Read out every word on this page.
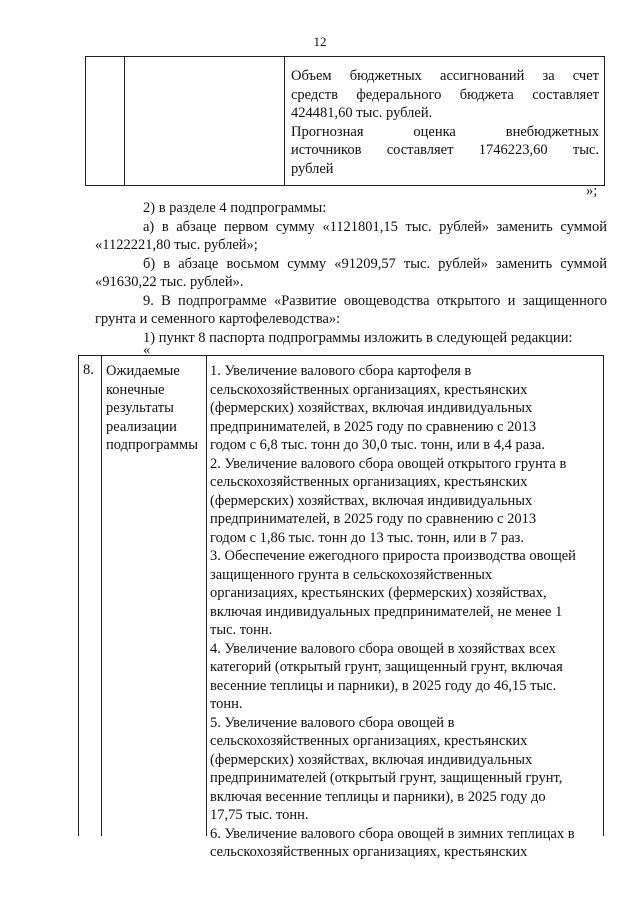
12
Объем бюджетных ассигнований за счет
средств федерального бюджета составляет
424481,60 тыс. рублей.
Прогнозная оценка внебюджетных
источников составляет 1746223,60 тыс.
рублей
»;
2) в разделе 4 подпрограммы:
а) в абзаце первом сумму «1121801,15 тыс. рублей» заменить суммой
«1122221,80 тыс. рублей»;
б) в абзаце восьмом сумму «91209,57 тыс. рублей» заменить суммой
«91630,22 тыс. рублей».
9. В подпрограмме «Развитие овощеводства открытого и защищенного
грунта и семенного картофелеводства»:
1) пункт 8 паспорта подпрограммы изложить в следующей редакции:
«
8. Ожидаемые
конечные
результаты
реализации
подпрограммы
1. Увеличение валового сбора картофеля в
сельскохозяйственных организациях, крестьянских
(фермерских) хозяйствах, включая индивидуальных
предпринимателей, в 2025 году по сравнению с 2013
годом с 6,8 тыс. тонн до 30,0 тыс. тонн, или в 4,4 раза.
2. Увеличение валового сбора овощей открытого грунта в
сельскохозяйственных организациях, крестьянских
(фермерских) хозяйствах, включая индивидуальных
предпринимателей, в 2025 году по сравнению с 2013
годом с 1,86 тыс. тонн до 13 тыс. тонн, или в 7 раз.
3. Обеспечение ежегодного прироста производства овощей
защищенного грунта в сельскохозяйственных
организациях, крестьянских (фермерских) хозяйствах,
включая индивидуальных предпринимателей, не менее 1
тыс. тонн.
4. Увеличение валового сбора овощей в хозяйствах всех
категорий (открытый грунт, защищенный грунт, включая
весенние теплицы и парники), в 2025 году до 46,15 тыс.
тонн.
5. Увеличение валового сбора овощей в
сельскохозяйственных организациях, крестьянских
(фермерских) хозяйствах, включая индивидуальных
предпринимателей (открытый грунт, защищенный грунт,
включая весенние теплицы и парники), в 2025 году до
17,75 тыс. тонн.
6. Увеличение валового сбора овощей в зимних теплицах в
сельскохозяйственных организациях, крестьянских
